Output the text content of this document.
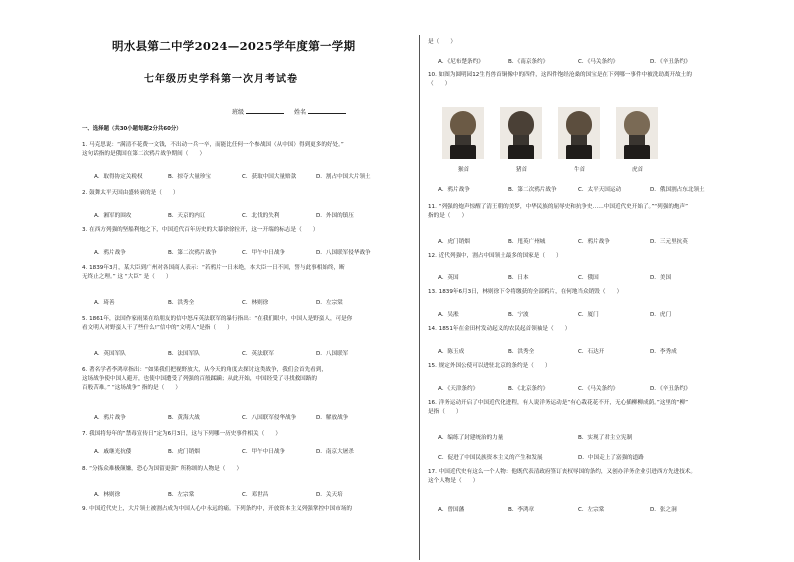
明水县第二中学2024—2025学年度第一学期
七年级历史学科第一次月考试卷
班级	姓名
一、选择题（共30小题每题2分共60分）

1. 马克思说：“满清不花费一文钱，不出动一兵一卒，而能比任何一个参战国（从中国）得到更多的好处。”

这句话指的是俄国在第二次鸦片战争期间（　　）

A．取得协定关税权	B．掠夺大量珍宝	C．获取中国大量赔款	D．割占中国大片领土

2. 鼓舞太平天国由盛转衰的是（　　）

A．湘军的围攻	B．天京的内讧	C．北伐的失利	D．外国的镇压

3. 在西方列强的坚船利炮之下，中国近代百年历史的大幕徐徐拉开，这一开端的标志是（　　）

A．鸦片战争	B．第二次鸦片战争	C．甲午中日战争	D．八国联军侵华战争

4. 1839年3月，某大臣到广州对各国商人表示：“若鸦片一日未绝，本大臣一日不回，誓与此事相始终，断

无终止之理。” 这 “大臣” 是（　　）

A．琦善	B．洪秀全	C．林则徐	D．左宗棠

5. 1861年，法国作家雨果在给朋友的信中怒斥英法联军的暴行指出：“在我们眼中，中国人是野蛮人，可是你

看文明人对野蛮人干了些什么!”信中的“文明人”是指（　　）

A．英国军队	B．法国军队	C．英法联军	D．八国联军

6. 著名学者李鸿章指出：“如果我们把视野放大，从今天的角度去探讨这类战争，我们会首先看到，

这场战争使中国人避开，也使中国遭受了列强的百般蹂躏；从此开始，中国经受了寻找救国路的

百般苦难。” “这场战争” 指的是（　　）

A．鸦片战争	B．黄海大战	C．八国联军侵华战争	D．解放战争

7. 我国将每年的“禁毒宣传日”定为6月3日，这与下列哪一历史事件相关（　　）

A．戚继光抗倭	B．虎门销烟	C．甲午中日战争	D．南京大屠杀

8. “分拣众难极颠嫌，恐心为国留更强” 所称颂的人物是（　　）

A．林则徐	B．左宗棠	C．邓世昌	D．关天培

9. 中国近代史上，大片领土被割占成为中国人心中永远的痛。下列条约中，开放资本主义列强掌控中国市场的

是（　　）

A．《尼布楚条约》	B．《南京条约》	C．《马关条约》	D．《辛丑条约》

10. 如图为圆明园12生肖兽首铜像中的四件，这四件饱经沧桑的国宝是在下列哪一事件中被洗劫离开故土的

（　　）

A．鸦片战争	B．第二次鸦片战争	C．太平天国运动	D．俄国割占东北领土

11. “列强的炮声惊醒了清王朝的美梦，中华民族的屈辱史和抗争史……中国近代史开始了。”“列强的炮声”

指的是（　　）

A．虎门销烟	B．甩英广州城	C．鸦片战争	D．三元里抗英

12. 近代列强中，割占中国领土最多的国家是（　　）

A．英国	B．日本	C．俄国	D．美国

13. 1839年6月3日，林则徐下令将缴获的全部鸦片，在何地当众销毁（　　）

A．吴淞	B．宁波	C．厦门	D．虎门

14. 1851年在金田村发动起义的农民起首领袖是（　　）

A．陈玉成	B．洪秀全	C．石达开	D．李秀成

15. 规定外国公使可以进驻北京的条约是（　　）

A．《天津条约》	B．《北京条约》	C．《马关条约》	D．《辛丑条约》

16. 洋务运动开启了中国近代化进程，有人说洋务运动是“有心栽花花不开，无心插柳柳成荫。”这里的“柳”

是指（　　）

A．编练了封建统治的力量	B．实现了君主立宪制
C．促进了中国民族资本主义的产生和发展	D．中国走上了富强的道路

17. 中国近代史有这么一个人物：他既代表清政府签订丧权辱国的条约，又创办洋务企业引进西方先进技术。

这个人物是（　　）

A．曾国藩	B．李鸿章	C．左宗棠	D．张之洞
猴首	猪首	牛首	虎首
